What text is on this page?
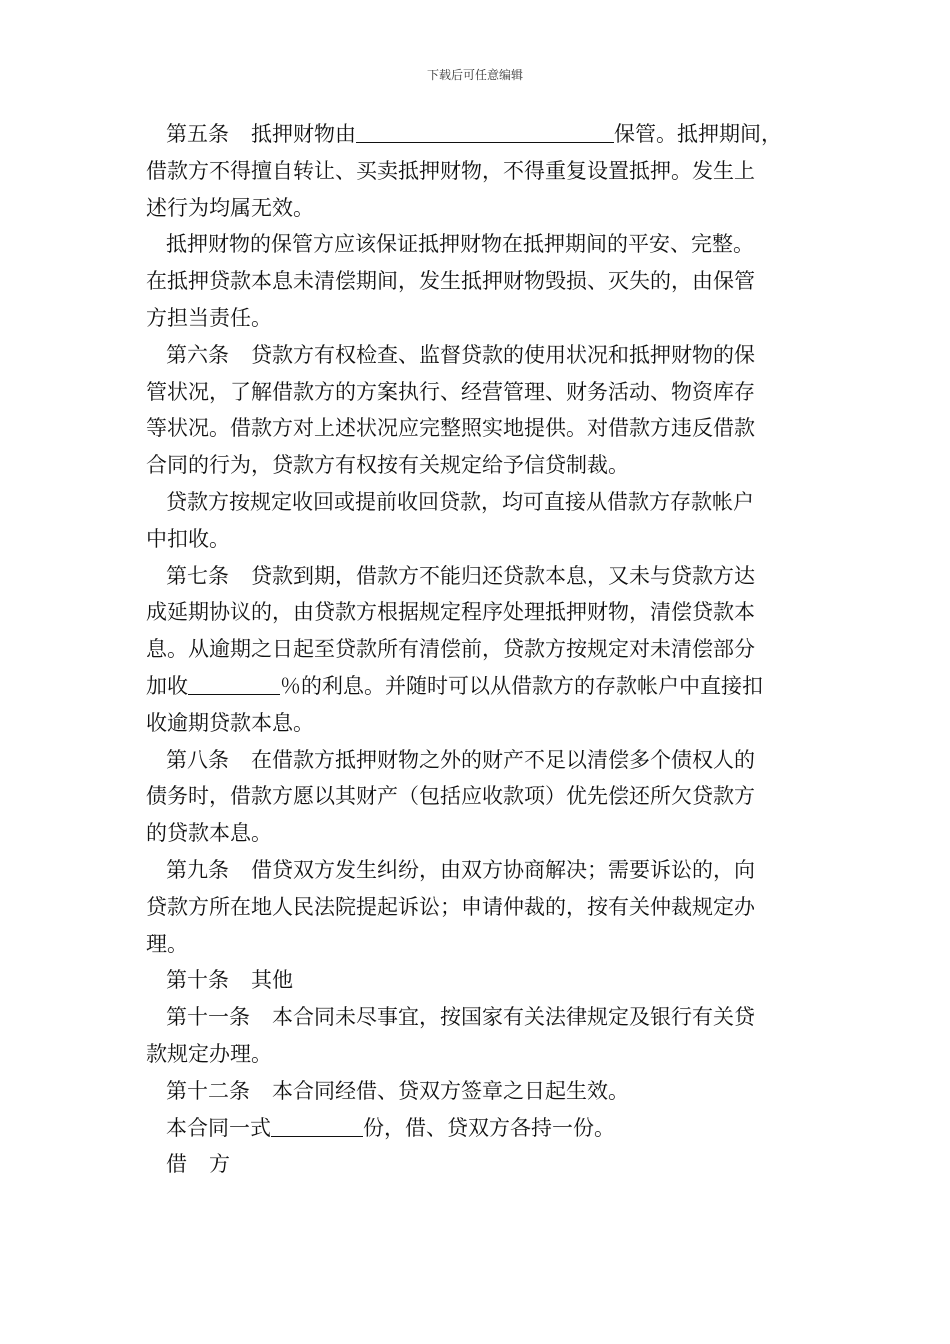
下载后可任意编辑
第五条 抵押财物由	保管。抵押期间，
借款方不得擅自转让、买卖抵押财物，不得重复设置抵押。发生上
述行为均属无效。
抵押财物的保管方应该保证抵押财物在抵押期间的平安、完整。
在抵押贷款本息未清偿期间，发生抵押财物毁损、灭失的，由保管
方担当责任。
第六条 贷款方有权检查、监督贷款的使用状况和抵押财物的保
管状况，了解借款方的方案执行、经营管理、财务活动、物资库存
等状况。借款方对上述状况应完整照实地提供。对借款方违反借款
合同的行为，贷款方有权按有关规定给予信贷制裁。
贷款方按规定收回或提前收回贷款，均可直接从借款方存款帐户
中扣收。
第七条 贷款到期，借款方不能归还贷款本息，又未与贷款方达
成延期协议的，由贷款方根据规定程序处理抵押财物，清偿贷款本
息。从逾期之日起至贷款所有清偿前，贷款方按规定对未清偿部分
加收	％的利息。并随时可以从借款方的存款帐户中直接扣
收逾期贷款本息。
第八条 在借款方抵押财物之外的财产不足以清偿多个债权人的
债务时，借款方愿以其财产（包括应收款项）优先偿还所欠贷款方
的贷款本息。
第九条 借贷双方发生纠纷，由双方协商解决；需要诉讼的，向
贷款方所在地人民法院提起诉讼；申请仲裁的，按有关仲裁规定办
理。
第十条 其他
第十一条 本合同未尽事宜，按国家有关法律规定及银行有关贷
款规定办理。
第十二条 本合同经借、贷双方签章之日起生效。
本合同一式	份，借、贷双方各持一份。
借 方
